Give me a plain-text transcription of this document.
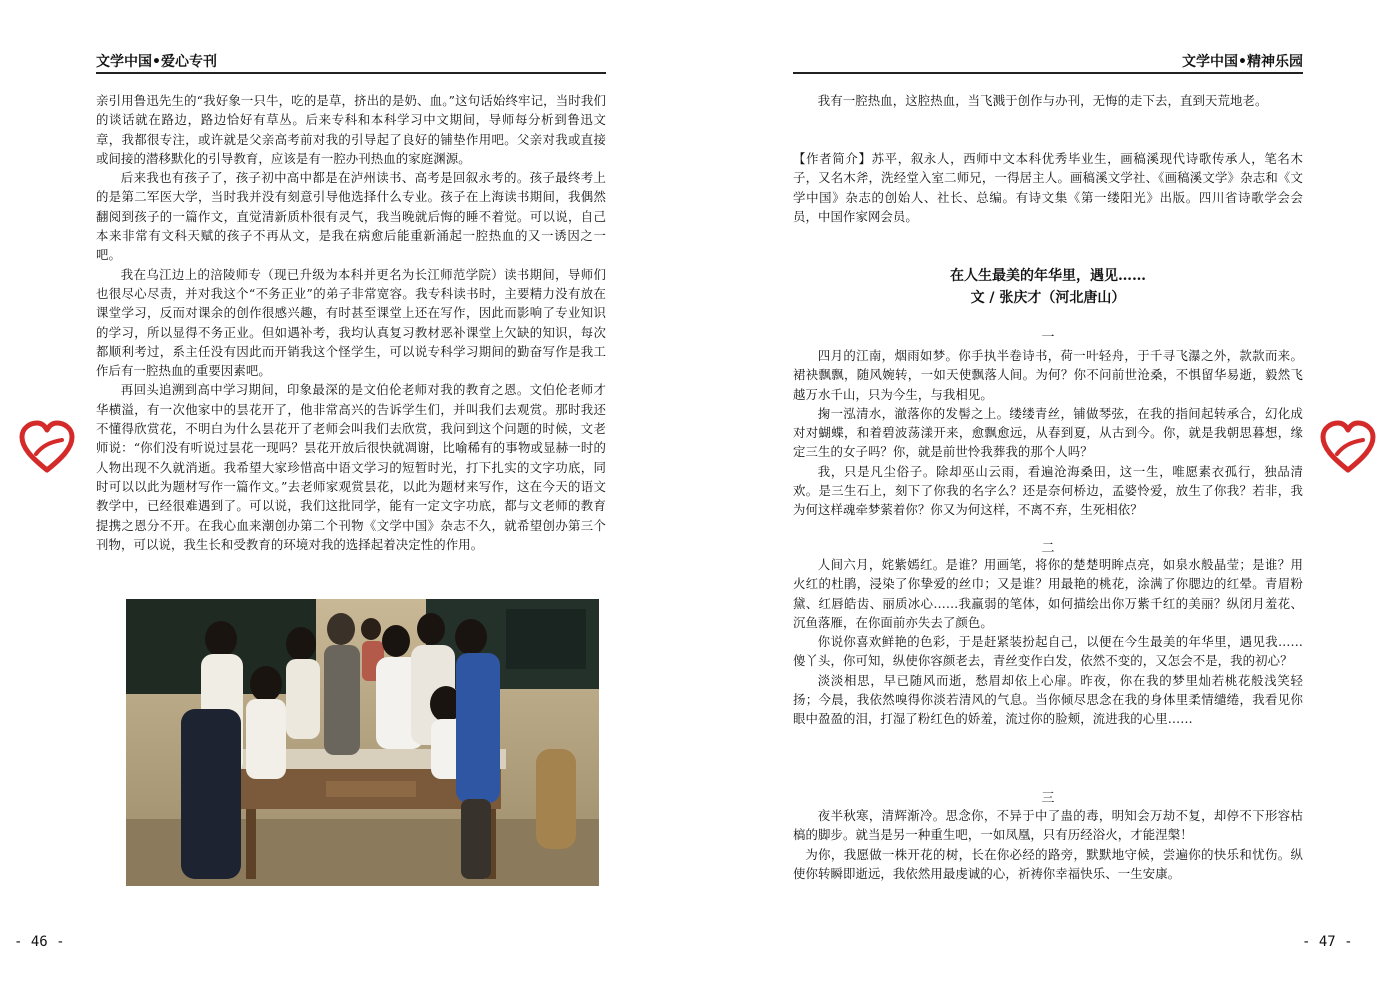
文学中国•爱心专刊

亲引用鲁迅先生的“我好象一只牛，吃的是草，挤出的是奶、血。”这句话始终牢记，当时我们的谈话就在路边，路边恰好有草丛。后来专科和本科学习中文期间，导师每分析到鲁迅文章，我都很专注，或许就是父亲高考前对我的引导起了良好的铺垫作用吧。父亲对我或直接或间接的潜移默化的引导教育，应该是有一腔办刊热血的家庭渊源。

后来我也有孩子了，孩子初中高中都是在泸州读书、高考是回叙永考的。孩子最终考上的是第二军医大学，当时我并没有刻意引导他选择什么专业。孩子在上海读书期间，我偶然翻阅到孩子的一篇作文，直觉清新质朴很有灵气，我当晚就后悔的睡不着觉。可以说，自己本来非常有文科天赋的孩子不再从文，是我在病愈后能重新涌起一腔热血的又一诱因之一吧。

我在乌江边上的涪陵师专（现已升级为本科并更名为长江师范学院）读书期间，导师们也很尽心尽责，并对我这个“不务正业”的弟子非常宽容。我专科读书时，主要精力没有放在课堂学习，反而对课余的创作很感兴趣，有时甚至课堂上还在写作，因此而影响了专业知识的学习，所以显得不务正业。但如遇补考，我均认真复习教材恶补课堂上欠缺的知识，每次都顺利考过，系主任没有因此而开销我这个怪学生，可以说专科学习期间的勤奋写作是我工作后有一腔热血的重要因素吧。

再回头追溯到高中学习期间，印象最深的是文伯伦老师对我的教育之恩。文伯伦老师才华横溢，有一次他家中的昙花开了，他非常高兴的告诉学生们，并叫我们去观赏。那时我还不懂得欣赏花，不明白为什么昙花开了老师会叫我们去欣赏，我问到这个问题的时候，文老师说：“你们没有听说过昙花一现吗？昙花开放后很快就凋谢，比喻稀有的事物或显赫一时的人物出现不久就消逝。我希望大家珍惜高中语文学习的短暂时光，打下扎实的文字功底，同时可以以此为题材写作一篇作文。”去老师家观赏昙花，以此为题材来写作，这在今天的语文教学中，已经很难遇到了。可以说，我们这批同学，能有一定文字功底，都与文老师的教育提携之恩分不开。在我心血来潮创办第二个刊物《文学中国》杂志不久，就希望创办第三个刊物，可以说，我生长和受教育的环境对我的选择起着决定性的作用。

- 46 -
文学中国•精神乐园

我有一腔热血，这腔热血，当飞溅于创作与办刊，无悔的走下去，直到天荒地老。

【作者简介】苏平，叙永人，西师中文本科优秀毕业生，画稿溪现代诗歌传承人，笔名木子，又名木斧，洗经堂入室二师兄，一得居主人。画稿溪文学社、《画稿溪文学》杂志和《文学中国》杂志的创始人、社长、总编。有诗文集《第一缕阳光》出版。四川省诗歌学会会员，中国作家网会员。

在人生最美的年华里，遇见……
文 / 张庆才（河北唐山）
一

四月的江南，烟雨如梦。你手执半卷诗书，荷一叶轻舟，于千寻飞瀑之外，款款而来。裙袂飘飘，随风婉转，一如天使飘落人间。为何？你不问前世沧桑，不惧留华易逝，毅然飞越万水千山，只为今生，与我相见。

掬一泓清水，澈落你的发髻之上。缕缕青丝，铺做琴弦，在我的指间起转承合，幻化成对对蝴蝶，和着碧波荡漾开来，愈飘愈远，从春到夏，从古到今。你，就是我朝思暮想，缘定三生的女子吗？你，就是前世怜我葬我的那个人吗？

我，只是凡尘俗子。除却巫山云雨，看遍沧海桑田，这一生，唯愿素衣孤行，独品清欢。是三生石上，刻下了你我的名字么？还是奈何桥边，孟婆怜爱，放生了你我？若非，我为何这样魂牵梦萦着你？你又为何这样，不离不弃，生死相依？

二

人间六月，姹紫嫣红。是谁？用画笔，将你的楚楚明眸点亮，如泉水般晶莹；是谁？用火红的杜鹃，浸染了你挚爱的丝巾；又是谁？用最艳的桃花，涂满了你腮边的红晕。青眉粉黛、红唇皓齿、丽质冰心……我羸弱的笔体，如何描绘出你万紫千红的美丽？纵闭月羞花、沉鱼落雁，在你面前亦失去了颜色。

你说你喜欢鲜艳的色彩，于是赶紧装扮起自己，以便在今生最美的年华里，遇见我……傻丫头，你可知，纵使你容颜老去，青丝变作白发，依然不变的，又怎会不是，我的初心？

淡淡相思，早已随风而逝，愁眉却依上心扉。昨夜，你在我的梦里灿若桃花般浅笑轻扬；今晨，我依然嗅得你淡若清风的气息。当你倾尽思念在我的身体里柔情缱绻，我看见你眼中盈盈的泪，打湿了粉红色的娇羞，流过你的脸颊，流进我的心里……

三

夜半秋寒，清辉渐冷。思念你，不异于中了蛊的毒，明知会万劫不复，却停不下形容枯槁的脚步。就当是另一种重生吧，一如凤凰，只有历经浴火，才能涅槃！

为你，我愿做一株开花的树，长在你必经的路旁，默默地守候，尝遍你的快乐和忧伤。纵使你转瞬即逝远，我依然用最虔诚的心，祈祷你幸福快乐、一生安康。

- 47 -
